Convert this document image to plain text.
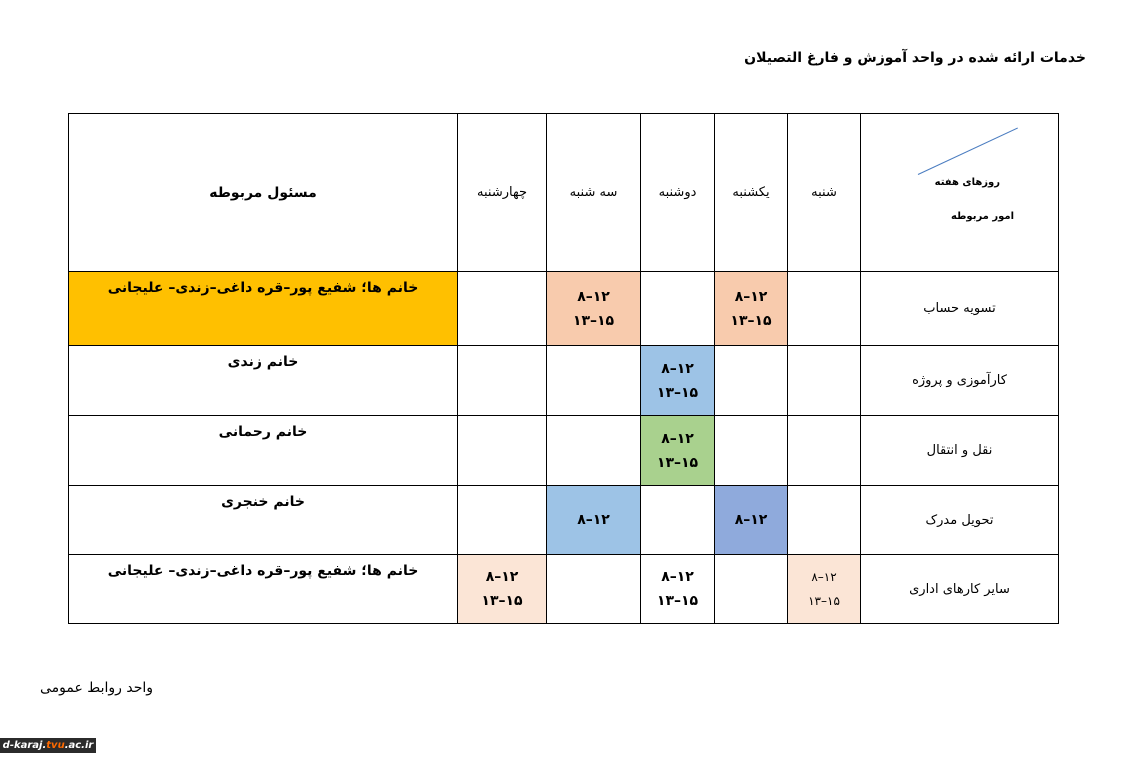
خدمات ارائه شده در واحد آموزش و فارغ التصیلان
روزهای هفته
امور مربوطه
شنبه
یکشنبه
دوشنبه
سه شنبه
چهارشنبه
مسئول مربوطه
تسویه حساب
۱۲–۸
۱۵–۱۳
۱۲–۸
۱۵–۱۳
خانم ها؛ شفیع پور–قره داغی–زندی– علیجانی
کارآموزی و پروژه
۱۲–۸
۱۵–۱۳
خانم زندی
نقل و انتقال
۱۲–۸
۱۵–۱۳
خانم رحمانی
تحویل مدرک
۱۲–۸
۱۲–۸
خانم خنجری
سایر کارهای اداری
۱۲–۸
۱۵–۱۳
۱۲–۸
۱۵–۱۳
۱۲–۸
۱۵–۱۳
خانم ها؛ شفیع پور–قره داغی–زندی– علیجانی
واحد روابط عمومی
d-karaj. tvu .ac.ir
